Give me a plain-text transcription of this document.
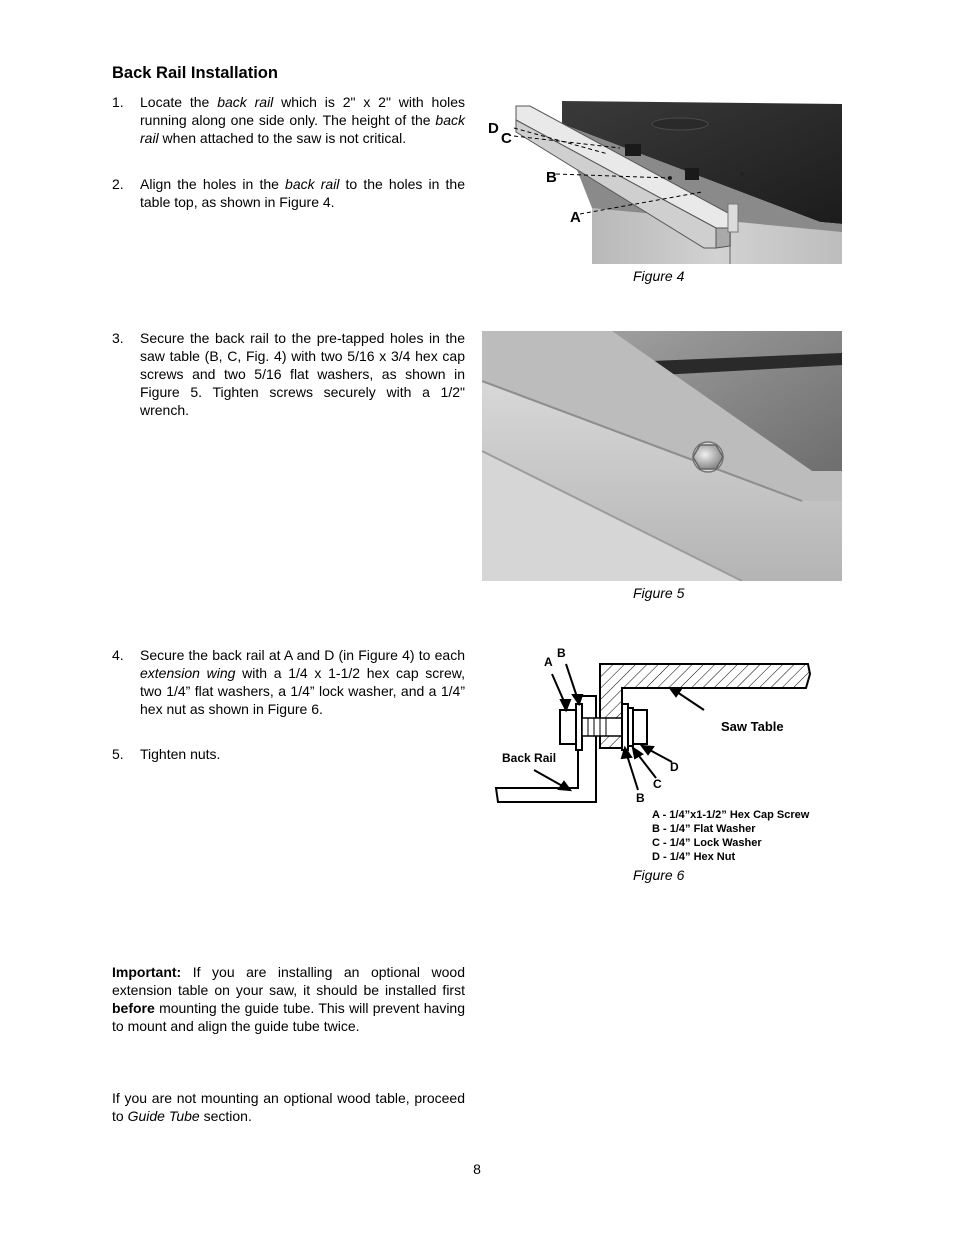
Back Rail Installation
1. Locate the back rail which is 2" x 2" with holes running along one side only. The height of the back rail when attached to the saw is not critical.
2. Align the holes in the back rail to the holes in the table top, as shown in Figure 4.
3. Secure the back rail to the pre-tapped holes in the saw table (B, C, Fig. 4) with two 5/16 x 3/4 hex cap screws and two 5/16 flat washers, as shown in Figure 5. Tighten screws securely with a 1/2" wrench.
4. Secure the back rail at A and D (in Figure 4) to each extension wing with a 1/4 x 1-1/2 hex cap screw, two 1/4” flat washers, a 1/4” lock washer, and a 1/4” hex nut as shown in Figure 6.
5. Tighten nuts.
Important: If you are installing an optional wood extension table on your saw, it should be installed first before mounting the guide tube. This will prevent having to mount and align the guide tube twice.
If you are not mounting an optional wood table, proceed to Guide Tube section.
D
C
B
A
Figure 4
Figure 5
A
B
Saw Table
Back Rail
D
C
B
A - 1/4”x1-1/2” Hex Cap Screw
B - 1/4” Flat Washer
C - 1/4” Lock Washer
D - 1/4” Hex Nut
Figure 6
8
